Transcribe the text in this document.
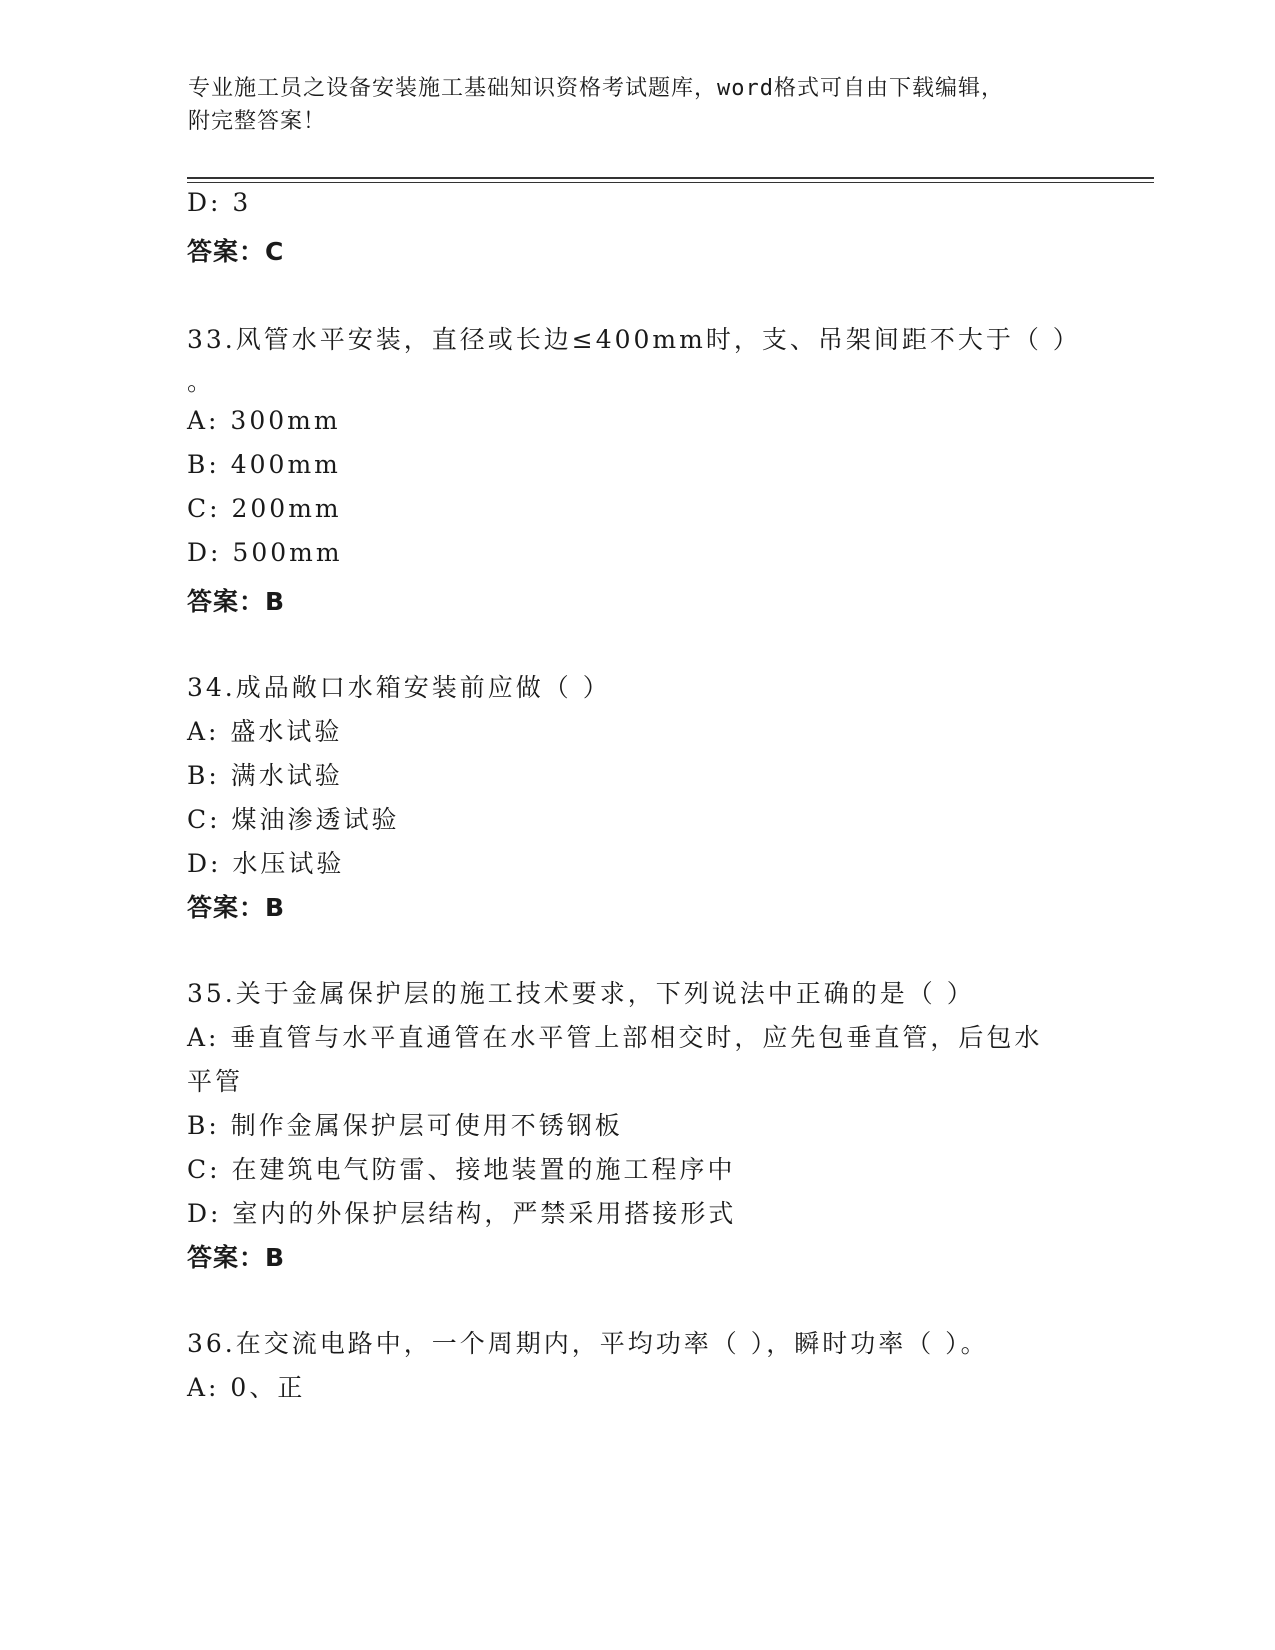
专业施工员之设备安装施工基础知识资格考试题库，word格式可自由下载编辑，
附完整答案！
D: 3
答案：C
33.风管水平安装，直径或长边≤400mm时，支、吊架间距不大于（ ）
。
A: 300mm
B: 400mm
C: 200mm
D: 500mm
答案：B
34.成品敞口水箱安装前应做（ ）
A: 盛水试验
B: 满水试验
C: 煤油渗透试验
D: 水压试验
答案：B
35.关于金属保护层的施工技术要求，下列说法中正确的是（ ）
A: 垂直管与水平直通管在水平管上部相交时，应先包垂直管，后包水
平管
B: 制作金属保护层可使用不锈钢板
C: 在建筑电气防雷、接地装置的施工程序中
D: 室内的外保护层结构，严禁采用搭接形式
答案：B
36.在交流电路中，一个周期内，平均功率（ ），瞬时功率（ ）。
A: 0、正
